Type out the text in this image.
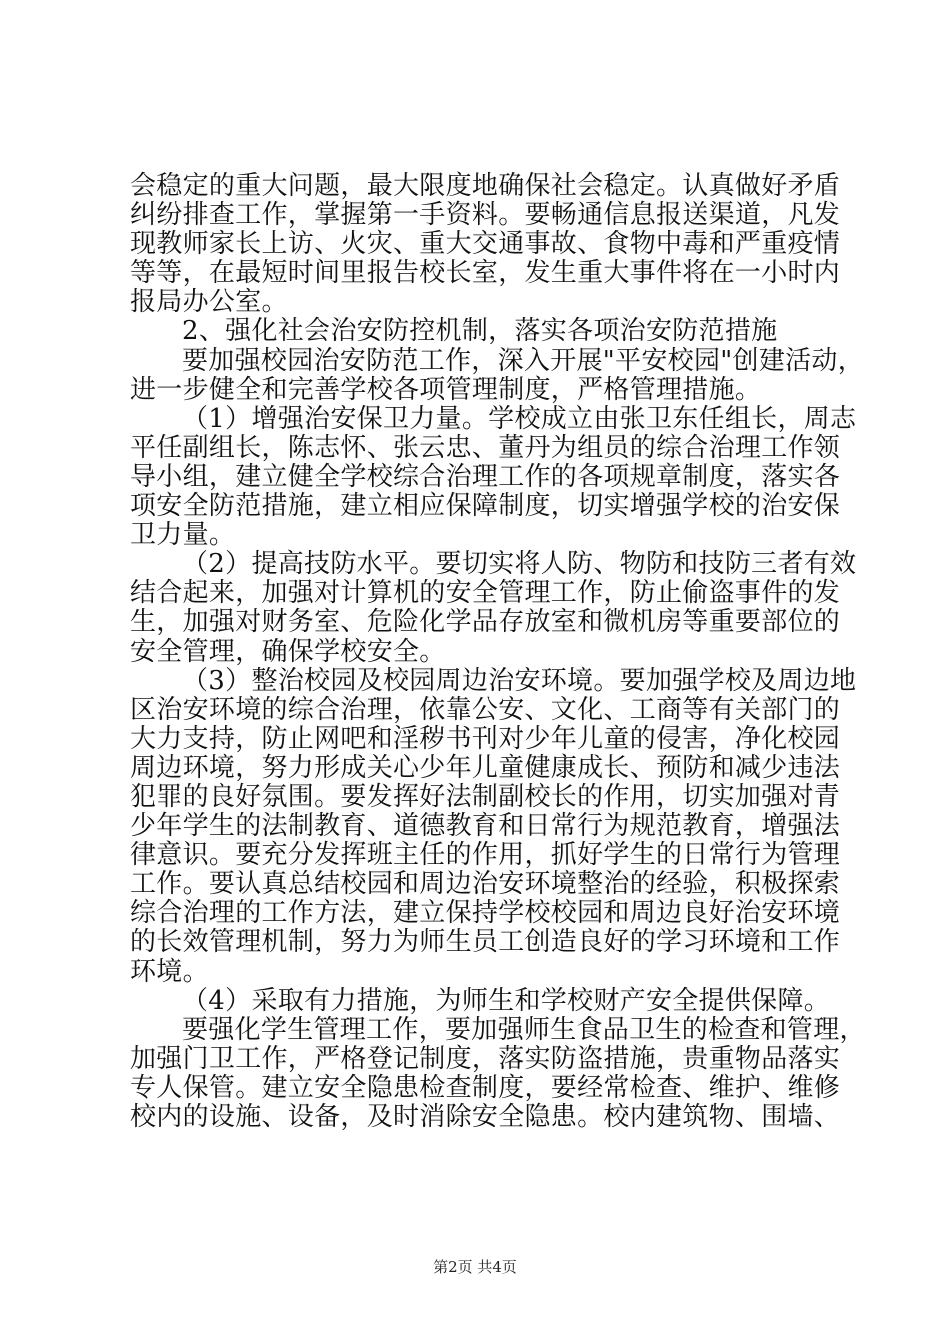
会稳定的重大问题，最大限度地确保社会稳定。认真做好矛盾
纠纷排查工作，掌握第一手资料。要畅通信息报送渠道，凡发
现教师家长上访、火灾、重大交通事故、食物中毒和严重疫情
等等，在最短时间里报告校长室，发生重大事件将在一小时内
报局办公室。
2、强化社会治安防控机制，落实各项治安防范措施
要加强校园治安防范工作，深入开展"平安校园"创建活动，
进一步健全和完善学校各项管理制度，严格管理措施。
（1）增强治安保卫力量。学校成立由张卫东任组长，周志
平任副组长，陈志怀、张云忠、董丹为组员的综合治理工作领
导小组，建立健全学校综合治理工作的各项规章制度，落实各
项安全防范措施，建立相应保障制度，切实增强学校的治安保
卫力量。
（2）提高技防水平。要切实将人防、物防和技防三者有效
结合起来，加强对计算机的安全管理工作，防止偷盗事件的发
生，加强对财务室、危险化学品存放室和微机房等重要部位的
安全管理，确保学校安全。
（3）整治校园及校园周边治安环境。要加强学校及周边地
区治安环境的综合治理，依靠公安、文化、工商等有关部门的
大力支持，防止网吧和淫秽书刊对少年儿童的侵害，净化校园
周边环境，努力形成关心少年儿童健康成长、预防和减少违法
犯罪的良好氛围。要发挥好法制副校长的作用，切实加强对青
少年学生的法制教育、道德教育和日常行为规范教育，增强法
律意识。要充分发挥班主任的作用，抓好学生的日常行为管理
工作。要认真总结校园和周边治安环境整治的经验，积极探索
综合治理的工作方法，建立保持学校校园和周边良好治安环境
的长效管理机制，努力为师生员工创造良好的学习环境和工作
环境。
（4）采取有力措施，为师生和学校财产安全提供保障。
要强化学生管理工作，要加强师生食品卫生的检查和管理，
加强门卫工作，严格登记制度，落实防盗措施，贵重物品落实
专人保管。建立安全隐患检查制度，要经常检查、维护、维修
校内的设施、设备，及时消除安全隐患。校内建筑物、围墙、
第2页 共4页
